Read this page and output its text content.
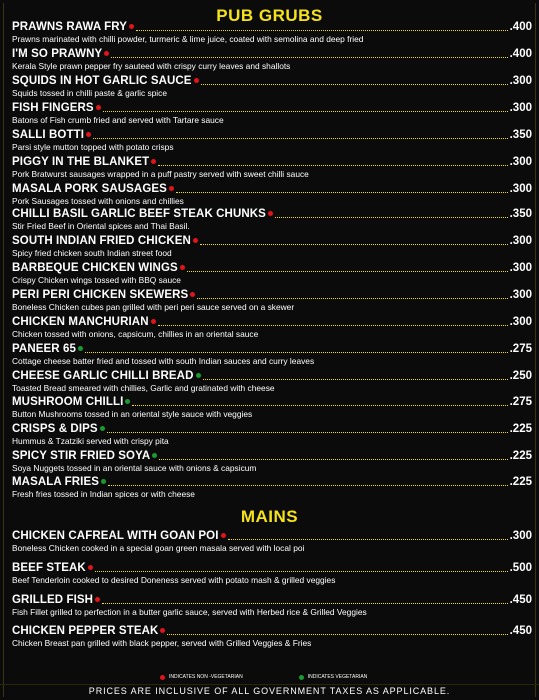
PUB GRUBS
PRAWNS RAWA FRY	.400
Prawns marinated with chilli powder, turmeric & lime juice, coated with semolina and deep fried
I'M SO PRAWNY	.400
Kerala Style prawn pepper fry sauteed with crispy curry leaves and shallots
SQUIDS IN HOT GARLIC SAUCE	.300
Squids tossed in chilli paste & garlic spice
FISH FINGERS	.300
Batons of Fish crumb fried and served with Tartare sauce
SALLI BOTTI	.350
Parsi style mutton topped with potato crisps
PIGGY IN THE BLANKET	.300
Pork Bratwurst sausages wrapped in a puff pastry served with sweet chilli sauce
MASALA PORK SAUSAGES	.300
Pork Sausages tossed with onions and chillies
CHILLI BASIL GARLIC BEEF STEAK CHUNKS	.350
Stir Fried Beef in Oriental spices and Thai Basil.
SOUTH INDIAN FRIED CHICKEN	.300
Spicy fried chicken south Indian street food
BARBEQUE CHICKEN WINGS	.300
Crispy Chicken wings tossed with BBQ sauce
PERI PERI CHICKEN SKEWERS	.300
Boneless Chicken cubes pan grilled with peri peri sauce served on a skewer
CHICKEN MANCHURIAN	.300
Chicken tossed with onions, capsicum, chillies in an oriental sauce
PANEER 65	.275
Cottage cheese batter fried and tossed with south Indian sauces and curry leaves
CHEESE GARLIC CHILLI BREAD	.250
Toasted Bread smeared with chillies, Garlic and gratinated with cheese
MUSHROOM CHILLI	.275
Button Mushrooms tossed in an oriental style sauce with veggies
CRISPS & DIPS	.225
Hummus & Tzatziki served with crispy pita
SPICY STIR FRIED SOYA	.225
Soya Nuggets tossed in an oriental sauce with onions & capsicum
MASALA FRIES	.225
Fresh fries tossed in Indian spices or with cheese
MAINS
CHICKEN CAFREAL WITH GOAN POI	.300
Boneless Chicken cooked in a special goan green masala served with local poi
BEEF STEAK	.500
Beef Tenderloin cooked to desired Doneness served with potato mash & grilled veggies
GRILLED FISH	.450
Fish Fillet grilled to perfection in a butter garlic sauce, served with Herbed rice & Grilled Veggies
CHICKEN PEPPER STEAK	.450
Chicken Breast pan grilled with black pepper, served with Grilled Veggies & Fries
INDICATES NON -VEGETARIAN	INDICATES VEGETARIAN
PRICES ARE INCLUSIVE OF ALL GOVERNMENT TAXES AS APPLICABLE.
